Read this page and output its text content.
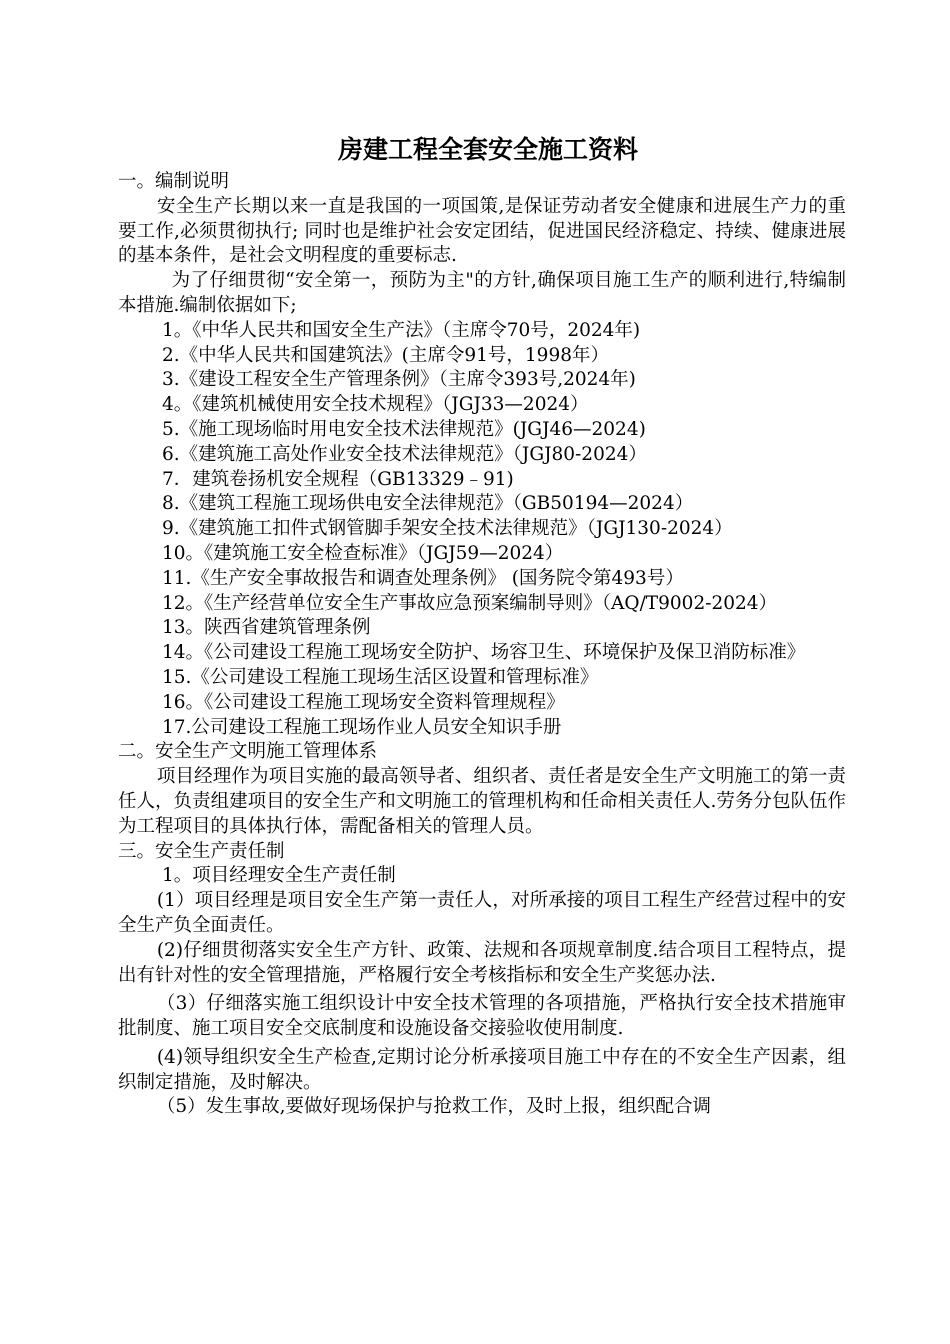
房建工程全套安全施工资料
一。编制说明
安全生产长期以来一直是我国的一项国策,是保证劳动者安全健康和进展生产力的重要工作,必须贯彻执行; 同时也是维护社会安定团结，促进国民经济稳定、持续、健康进展的基本条件，是社会文明程度的重要标志.
为了仔细贯彻“安全第一，预防为主"的方针,确保项目施工生产的顺利进行,特编制本措施.编制依据如下;
1。《中华人民共和国安全生产法》（主席令70号，2024年)
2.《中华人民共和国建筑法》(主席令91号，1998年）
3.《建设工程安全生产管理条例》（主席令393号,2024年)
4。《建筑机械使用安全技术规程》（JGJ33—2024）
5.《施工现场临时用电安全技术法律规范》(JGJ46—2024)
6.《建筑施工高处作业安全技术法律规范》（JGJ80-2024）
7．建筑卷扬机安全规程（GB13329﹣91)
8.《建筑工程施工现场供电安全法律规范》（GB50194—2024）
9.《建筑施工扣件式钢管脚手架安全技术法律规范》（JGJ130-2024）
10。《建筑施工安全检查标准》（JGJ59—2024）
11.《生产安全事故报告和调查处理条例》 (国务院令第493号）
12。《生产经营单位安全生产事故应急预案编制导则》（AQ/T9002-2024）
13。陕西省建筑管理条例
14。《公司建设工程施工现场安全防护、场容卫生、环境保护及保卫消防标准》
15.《公司建设工程施工现场生活区设置和管理标准》
16。《公司建设工程施工现场安全资料管理规程》
17.公司建设工程施工现场作业人员安全知识手册
二。安全生产文明施工管理体系
项目经理作为项目实施的最高领导者、组织者、责任者是安全生产文明施工的第一责任人，负责组建项目的安全生产和文明施工的管理机构和任命相关责任人.劳务分包队伍作为工程项目的具体执行体，需配备相关的管理人员。
三。安全生产责任制
1。项目经理安全生产责任制
(1）项目经理是项目安全生产第一责任人，对所承接的项目工程生产经营过程中的安全生产负全面责任。
(2)仔细贯彻落实安全生产方针、政策、法规和各项规章制度.结合项目工程特点，提出有针对性的安全管理措施，严格履行安全考核指标和安全生产奖惩办法.
（3）仔细落实施工组织设计中安全技术管理的各项措施，严格执行安全技术措施审批制度、施工项目安全交底制度和设施设备交接验收使用制度.
(4)领导组织安全生产检查,定期讨论分析承接项目施工中存在的不安全生产因素，组织制定措施，及时解决。
（5）发生事故,要做好现场保护与抢救工作，及时上报，组织配合调
